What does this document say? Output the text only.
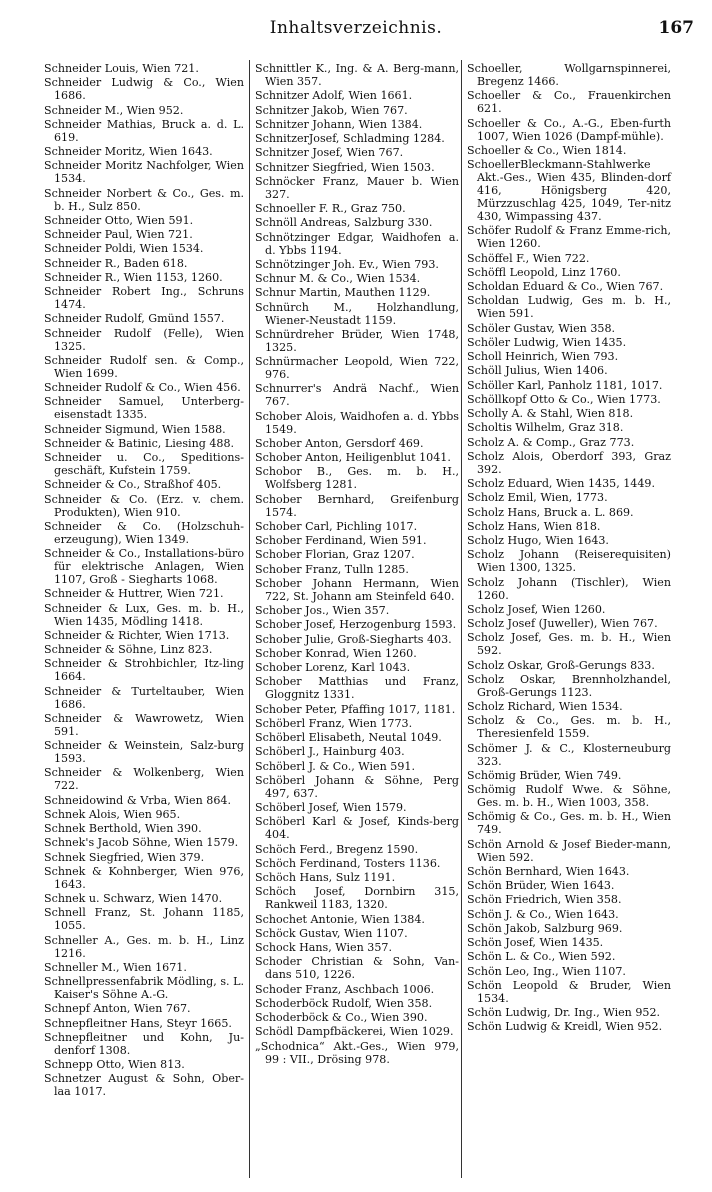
Inhaltsverzeichnis.	167
Schneider Louis, Wien 721.
Schneider Ludwig & Co., Wien 1686.
Schneider M., Wien 952.
Schneider Mathias, Bruck a. d. L. 619.
Schneider Moritz, Wien 1643.
Schneider Moritz Nachfolger, Wien 1534.
Schneider Norbert & Co., Ges. m. b. H., Sulz 850.
Schneider Otto, Wien 591.
Schneider Paul, Wien 721.
Schneider Poldi, Wien 1534.
Schneider R., Baden 618.
Schneider R., Wien 1153, 1260.
Schneider Robert Ing., Schruns 1474.
Schneider Rudolf, Gmünd 1557.
Schneider Rudolf (Felle), Wien 1325.
Schneider Rudolf sen. & Comp., Wien 1699.
Schneider Rudolf & Co., Wien 456.
Schneider Samuel, Unterberg-eisenstadt 1335.
Schneider Sigmund, Wien 1588.
Schneider & Batinic, Liesing 488.
Schneider u. Co., Speditions-geschäft, Kufstein 1759.
Schneider & Co., Straßhof 405.
Schneider & Co. (Erz. v. chem. Produkten), Wien 910.
Schneider & Co. (Holzschuh-erzeugung), Wien 1349.
Schneider & Co., Installations-büro für elektrische Anlagen, Wien 1107, Groß - Siegharts 1068.
Schneider & Huttrer, Wien 721.
Schneider & Lux, Ges. m. b. H., Wien 1435, Mödling 1418.
Schneider & Richter, Wien 1713.
Schneider & Söhne, Linz 823.
Schneider & Strohbichler, Itz-ling 1664.
Schneider & Turteltauber, Wien 1686.
Schneider & Wawrowetz, Wien 591.
Schneider & Weinstein, Salz-burg 1593.
Schneider & Wolkenberg, Wien 722.
Schneidowind & Vrba, Wien 864.
Schnek Alois, Wien 965.
Schnek Berthold, Wien 390.
Schnek's Jacob Söhne, Wien 1579.
Schnek Siegfried, Wien 379.
Schnek & Kohnberger, Wien 976, 1643.
Schnek u. Schwarz, Wien 1470.
Schnell Franz, St. Johann 1185, 1055.
Schneller A., Ges. m. b. H., Linz 1216.
Schneller M., Wien 1671.
Schnellpressenfabrik Mödling, s. L. Kaiser's Söhne A.-G.
Schnepf Anton, Wien 767.
Schnepfleitner Hans, Steyr 1665.
Schnepfleitner und Kohn, Ju-denforf 1308.
Schnepp Otto, Wien 813.
Schnetzer August & Sohn, Ober-laa 1017.
Schnittler K., Ing. & A. Berg-mann, Wien 357.
Schnitzer Adolf, Wien 1661.
Schnitzer Jakob, Wien 767.
Schnitzer Johann, Wien 1384.
SchnitzerJosef, Schladming 1284.
Schnitzer Josef, Wien 767.
Schnitzer Siegfried, Wien 1503.
Schnöcker Franz, Mauer b. Wien 327.
Schnoeller F. R., Graz 750.
Schnöll Andreas, Salzburg 330.
Schnötzinger Edgar, Waidhofen a. d. Ybbs 1194.
Schnötzinger Joh. Ev., Wien 793.
Schnur M. & Co., Wien 1534.
Schnur Martin, Mauthen 1129.
Schnürch M., Holzhandlung, Wiener-Neustadt 1159.
Schnürdreher Brüder, Wien 1748, 1325.
Schnürmacher Leopold, Wien 722, 976.
Schnurrer's Andrä Nachf., Wien 767.
Schober Alois, Waidhofen a. d. Ybbs 1549.
Schober Anton, Gersdorf 469.
Schober Anton, Heiligenblut 1041.
Schobor B., Ges. m. b. H., Wolfsberg 1281.
Schober Bernhard, Greifenburg 1574.
Schober Carl, Pichling 1017.
Schober Ferdinand, Wien 591.
Schober Florian, Graz 1207.
Schober Franz, Tulln 1285.
Schober Johann Hermann, Wien 722, St. Johann am Steinfeld 640.
Schober Jos., Wien 357.
Schober Josef, Herzogenburg 1593.
Schober Julie, Groß-Siegharts 403.
Schober Konrad, Wien 1260.
Schober Lorenz, Karl 1043.
Schober Matthias und Franz, Gloggnitz 1331.
Schober Peter, Pfaffing 1017, 1181.
Schöberl Franz, Wien 1773.
Schöberl Elisabeth, Neutal 1049.
Schöberl J., Hainburg 403.
Schöberl J. & Co., Wien 591.
Schöberl Johann & Söhne, Perg 497, 637.
Schöberl Josef, Wien 1579.
Schöberl Karl & Josef, Kinds-berg 404.
Schöch Ferd., Bregenz 1590.
Schöch Ferdinand, Tosters 1136.
Schöch Hans, Sulz 1191.
Schöch Josef, Dornbirn 315, Rankweil 1183, 1320.
Schochet Antonie, Wien 1384.
Schöck Gustav, Wien 1107.
Schock Hans, Wien 357.
Schoder Christian & Sohn, Van-dans 510, 1226.
Schoder Franz, Aschbach 1006.
Schoderböck Rudolf, Wien 358.
Schoderböck & Co., Wien 390.
Schödl Dampfbäckerei, Wien 1029.
„Schodnica“ Akt.-Ges., Wien 979, 99 : VII., Drösing 978.
Schoeller, Wollgarnspinnerei, Bregenz 1466.
Schoeller & Co., Frauenkirchen 621.
Schoeller & Co., A.-G., Eben-furth 1007, Wien 1026 (Dampf-mühle).
Schoeller & Co., Wien 1814.
SchoellerBleckmann-Stahlwerke Akt.-Ges., Wien 435, Blinden-dorf 416, Hönigsberg 420, Mürzzuschlag 425, 1049, Ter-nitz 430, Wimpassing 437.
Schöfer Rudolf & Franz Emme-rich, Wien 1260.
Schöffel F., Wien 722.
Schöffl Leopold, Linz 1760.
Scholdan Eduard & Co., Wien 767.
Scholdan Ludwig, Ges m. b. H., Wien 591.
Schöler Gustav, Wien 358.
Schöler Ludwig, Wien 1435.
Scholl Heinrich, Wien 793.
Schöll Julius, Wien 1406.
Schöller Karl, Panholz 1181, 1017.
Schöllkopf Otto & Co., Wien 1773.
Scholly A. & Stahl, Wien 818.
Scholtis Wilhelm, Graz 318.
Scholz A. & Comp., Graz 773.
Scholz Alois, Oberdorf 393, Graz 392.
Scholz Eduard, Wien 1435, 1449.
Scholz Emil, Wien, 1773.
Scholz Hans, Bruck a. L. 869.
Scholz Hans, Wien 818.
Scholz Hugo, Wien 1643.
Scholz Johann (Reiserequisiten) Wien 1300, 1325.
Scholz Johann (Tischler), Wien 1260.
Scholz Josef, Wien 1260.
Scholz Josef (Juweller), Wien 767.
Scholz Josef, Ges. m. b. H., Wien 592.
Scholz Oskar, Groß-Gerungs 833.
Scholz Oskar, Brennholzhandel, Groß-Gerungs 1123.
Scholz Richard, Wien 1534.
Scholz & Co., Ges. m. b. H., Theresienfeld 1559.
Schömer J. & C., Klosterneuburg 323.
Schömig Brüder, Wien 749.
Schömig Rudolf Wwe. & Söhne, Ges. m. b. H., Wien 1003, 358.
Schömig & Co., Ges. m. b. H., Wien 749.
Schön Arnold & Josef Bieder-mann, Wien 592.
Schön Bernhard, Wien 1643.
Schön Brüder, Wien 1643.
Schön Friedrich, Wien 358.
Schön J. & Co., Wien 1643.
Schön Jakob, Salzburg 969.
Schön Josef, Wien 1435.
Schön L. & Co., Wien 592.
Schön Leo, Ing., Wien 1107.
Schön Leopold & Bruder, Wien 1534.
Schön Ludwig, Dr. Ing., Wien 952.
Schön Ludwig & Kreidl, Wien 952.
